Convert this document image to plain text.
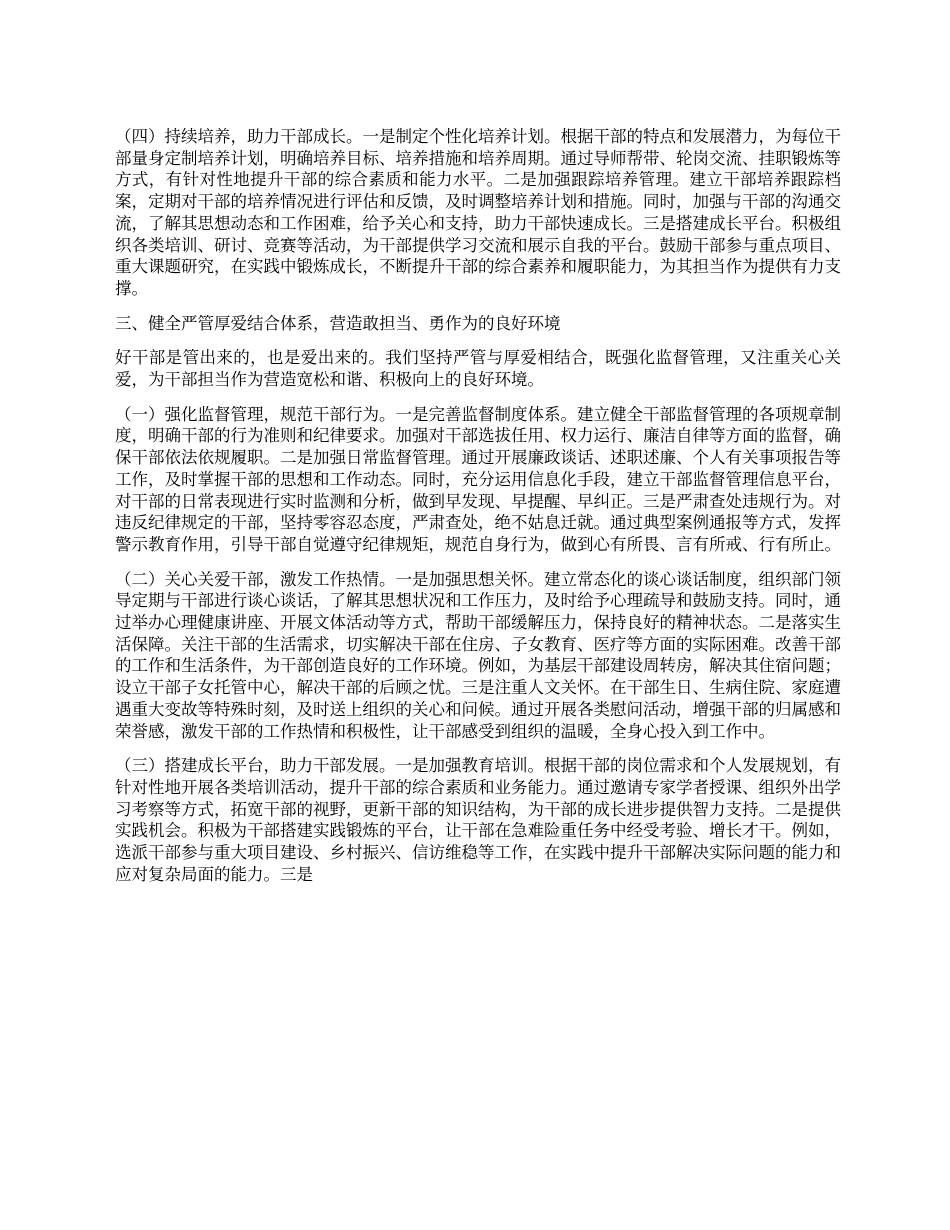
（四）持续培养，助力干部成长。一是制定个性化培养计划。根据干部的特点和发展潜力，为每位干部量身定制培养计划，明确培养目标、培养措施和培养周期。通过导师帮带、轮岗交流、挂职锻炼等方式，有针对性地提升干部的综合素质和能力水平。二是加强跟踪培养管理。建立干部培养跟踪档案，定期对干部的培养情况进行评估和反馈，及时调整培养计划和措施。同时，加强与干部的沟通交流，了解其思想动态和工作困难，给予关心和支持，助力干部快速成长。三是搭建成长平台。积极组织各类培训、研讨、竞赛等活动，为干部提供学习交流和展示自我的平台。鼓励干部参与重点项目、重大课题研究，在实践中锻炼成长，不断提升干部的综合素养和履职能力，为其担当作为提供有力支撑。

三、健全严管厚爱结合体系，营造敢担当、勇作为的良好环境

好干部是管出来的，也是爱出来的。我们坚持严管与厚爱相结合，既强化监督管理，又注重关心关爱，为干部担当作为营造宽松和谐、积极向上的良好环境。

（一）强化监督管理，规范干部行为。一是完善监督制度体系。建立健全干部监督管理的各项规章制度，明确干部的行为准则和纪律要求。加强对干部选拔任用、权力运行、廉洁自律等方面的监督，确保干部依法依规履职。二是加强日常监督管理。通过开展廉政谈话、述职述廉、个人有关事项报告等工作，及时掌握干部的思想和工作动态。同时，充分运用信息化手段，建立干部监督管理信息平台，对干部的日常表现进行实时监测和分析，做到早发现、早提醒、早纠正。三是严肃查处违规行为。对违反纪律规定的干部，坚持零容忍态度，严肃查处，绝不姑息迁就。通过典型案例通报等方式，发挥警示教育作用，引导干部自觉遵守纪律规矩，规范自身行为，做到心有所畏、言有所戒、行有所止。

（二）关心关爱干部，激发工作热情。一是加强思想关怀。建立常态化的谈心谈话制度，组织部门领导定期与干部进行谈心谈话，了解其思想状况和工作压力，及时给予心理疏导和鼓励支持。同时，通过举办心理健康讲座、开展文体活动等方式，帮助干部缓解压力，保持良好的精神状态。二是落实生活保障。关注干部的生活需求，切实解决干部在住房、子女教育、医疗等方面的实际困难。改善干部的工作和生活条件，为干部创造良好的工作环境。例如，为基层干部建设周转房，解决其住宿问题；设立干部子女托管中心，解决干部的后顾之忧。三是注重人文关怀。在干部生日、生病住院、家庭遭遇重大变故等特殊时刻，及时送上组织的关心和问候。通过开展各类慰问活动，增强干部的归属感和荣誉感，激发干部的工作热情和积极性，让干部感受到组织的温暖，全身心投入到工作中。

（三）搭建成长平台，助力干部发展。一是加强教育培训。根据干部的岗位需求和个人发展规划，有针对性地开展各类培训活动，提升干部的综合素质和业务能力。通过邀请专家学者授课、组织外出学习考察等方式，拓宽干部的视野，更新干部的知识结构，为干部的成长进步提供智力支持。二是提供实践机会。积极为干部搭建实践锻炼的平台，让干部在急难险重任务中经受考验、增长才干。例如，选派干部参与重大项目建设、乡村振兴、信访维稳等工作，在实践中提升干部解决实际问题的能力和应对复杂局面的能力。三是
